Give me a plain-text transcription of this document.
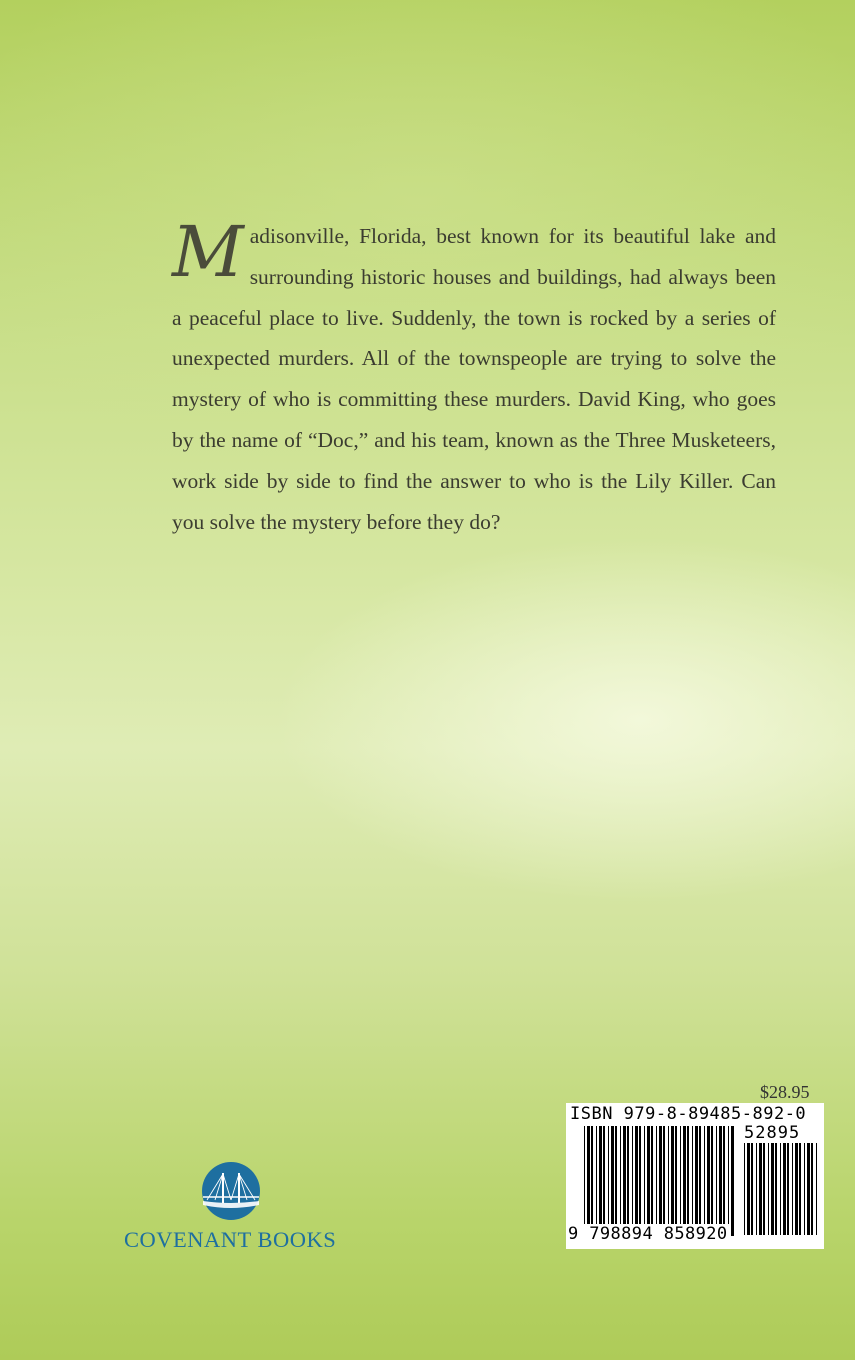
Madisonville, Florida, best known for its beautiful lake and surrounding historic houses and buildings, had always been a peaceful place to live. Suddenly, the town is rocked by a series of unexpected murders. All of the townspeople are trying to solve the mystery of who is committing these murders. David King, who goes by the name of “Doc,” and his team, known as the Three Musketeers, work side by side to find the answer to who is the Lily Killer. Can you solve the mystery before they do?
$28.95
ISBN 979-8-89485-892-0
52895
9 798894 858920
COVENANT BOOKS
